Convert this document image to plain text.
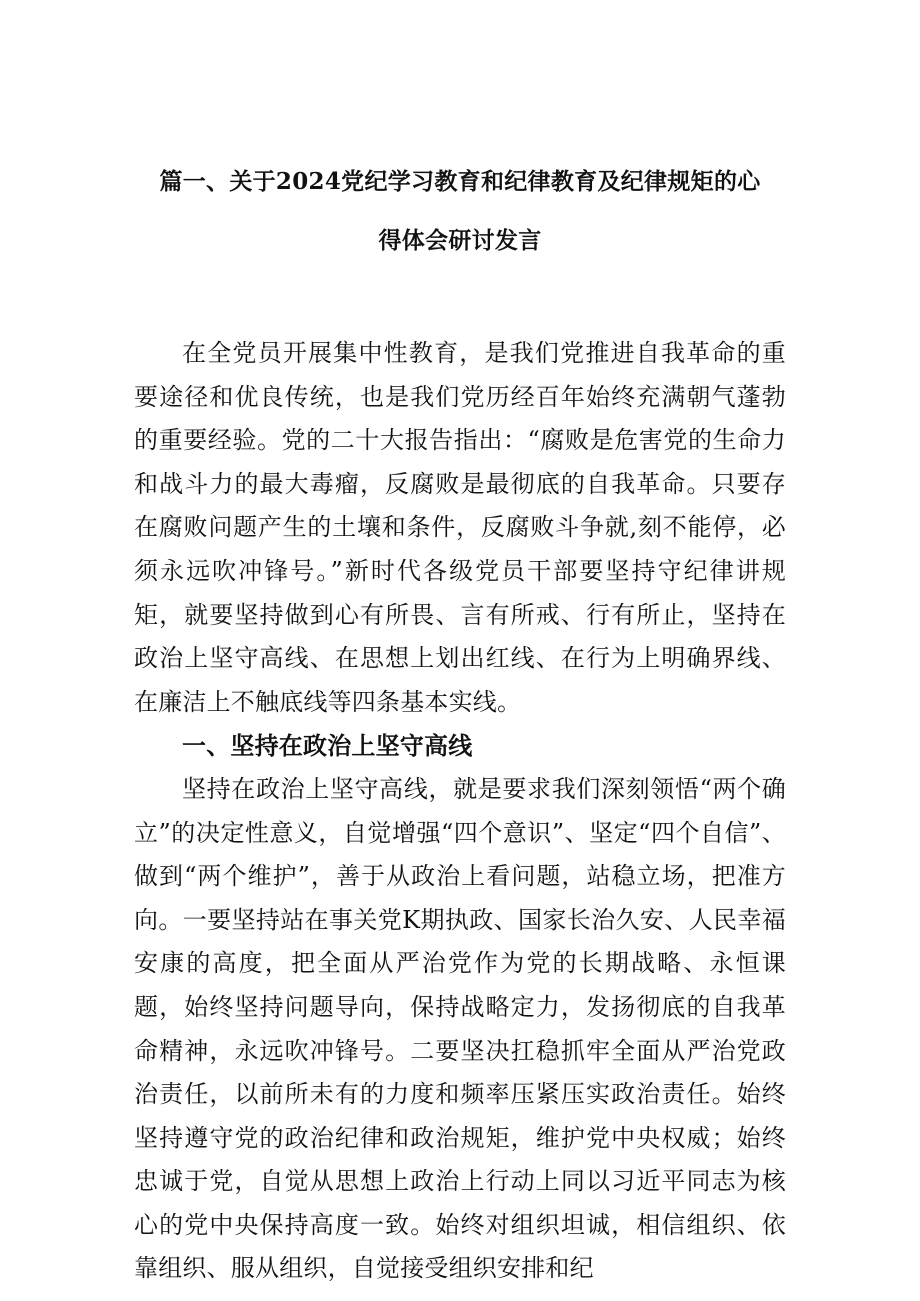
篇一、关于2024党纪学习教育和纪律教育及纪律规矩的心
得体会研讨发言

在全党员开展集中性教育，是我们党推进自我革命的重要途径和优良传统，也是我们党历经百年始终充满朝气蓬勃的重要经验。党的二十大报告指出：“腐败是危害党的生命力和战斗力的最大毒瘤，反腐败是最彻底的自我革命。只要存在腐败问题产生的土壤和条件，反腐败斗争就,刻不能停，必须永远吹冲锋号。”新时代各级党员干部要坚持守纪律讲规矩，就要坚持做到心有所畏、言有所戒、行有所止，坚持在政治上坚守高线、在思想上划出红线、在行为上明确界线、在廉洁上不触底线等四条基本实线。

一、坚持在政治上坚守高线

坚持在政治上坚守高线，就是要求我们深刻领悟“两个确立”的决定性意义，自觉增强“四个意识”、坚定“四个自信”、做到“两个维护”，善于从政治上看问题，站稳立场，把准方向。一要坚持站在事关党K期执政、国家长治久安、人民幸福安康的高度，把全面从严治党作为党的长期战略、永恒课题，始终坚持问题导向，保持战略定力，发扬彻底的自我革命精神，永远吹冲锋号。二要坚决扛稳抓牢全面从严治党政治责任，以前所未有的力度和频率压紧压实政治责任。始终坚持遵守党的政治纪律和政治规矩，维护党中央权威；始终忠诚于党，自觉从思想上政治上行动上同以习近平同志为核心的党中央保持高度一致。始终对组织坦诚，相信组织、依靠组织、服从组织，自觉接受组织安排和纪
